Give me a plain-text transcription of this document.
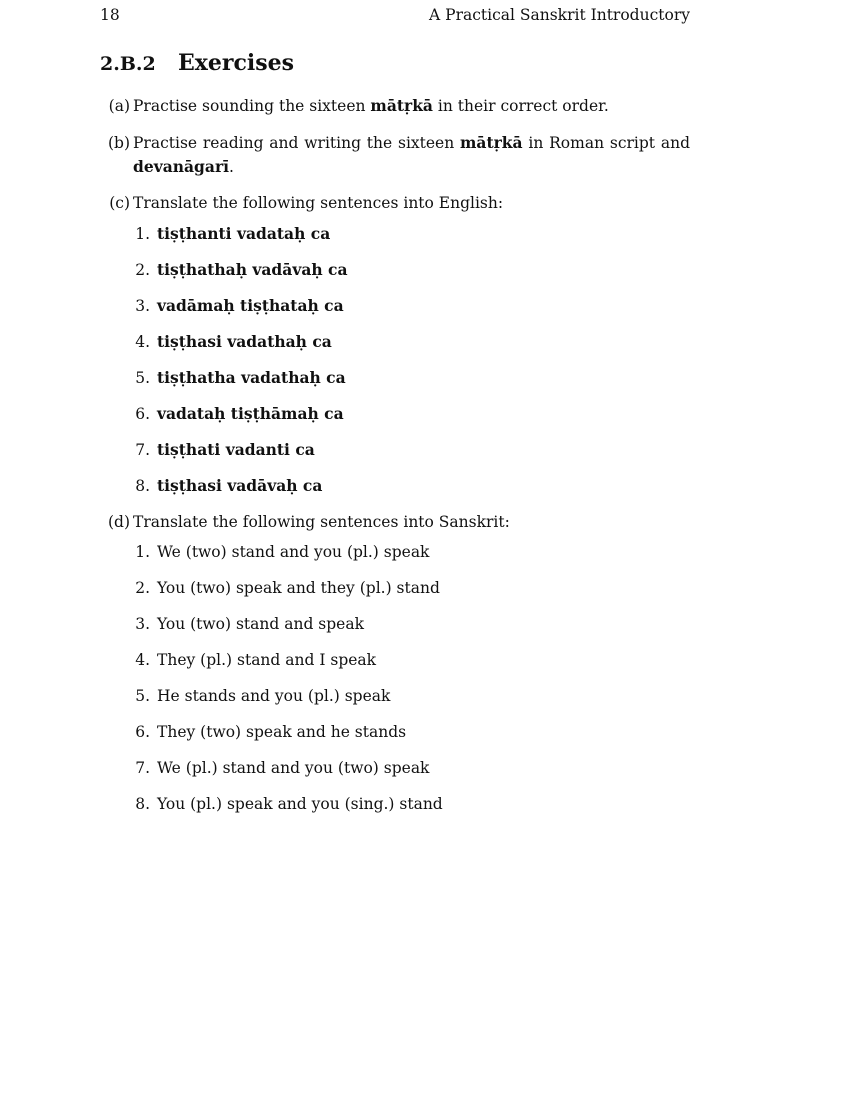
18	A Practical Sanskrit Introductory
2.B.2 Exercises
(a) Practise sounding the sixteen mātṛkā in their correct order.
(b) Practise reading and writing the sixteen mātṛkā in Roman script and devanāgarī.
(c) Translate the following sentences into English:
1. tiṣṭhanti vadataḥ ca
2. tiṣṭhathaḥ vadāvaḥ ca
3. vadāmaḥ tiṣṭhataḥ ca
4. tiṣṭhasi vadathaḥ ca
5. tiṣṭhatha vadathaḥ ca
6. vadataḥ tiṣṭhāmaḥ ca
7. tiṣṭhati vadanti ca
8. tiṣṭhasi vadāvaḥ ca
(d) Translate the following sentences into Sanskrit:
1. We (two) stand and you (pl.) speak
2. You (two) speak and they (pl.) stand
3. You (two) stand and speak
4. They (pl.) stand and I speak
5. He stands and you (pl.) speak
6. They (two) speak and he stands
7. We (pl.) stand and you (two) speak
8. You (pl.) speak and you (sing.) stand
